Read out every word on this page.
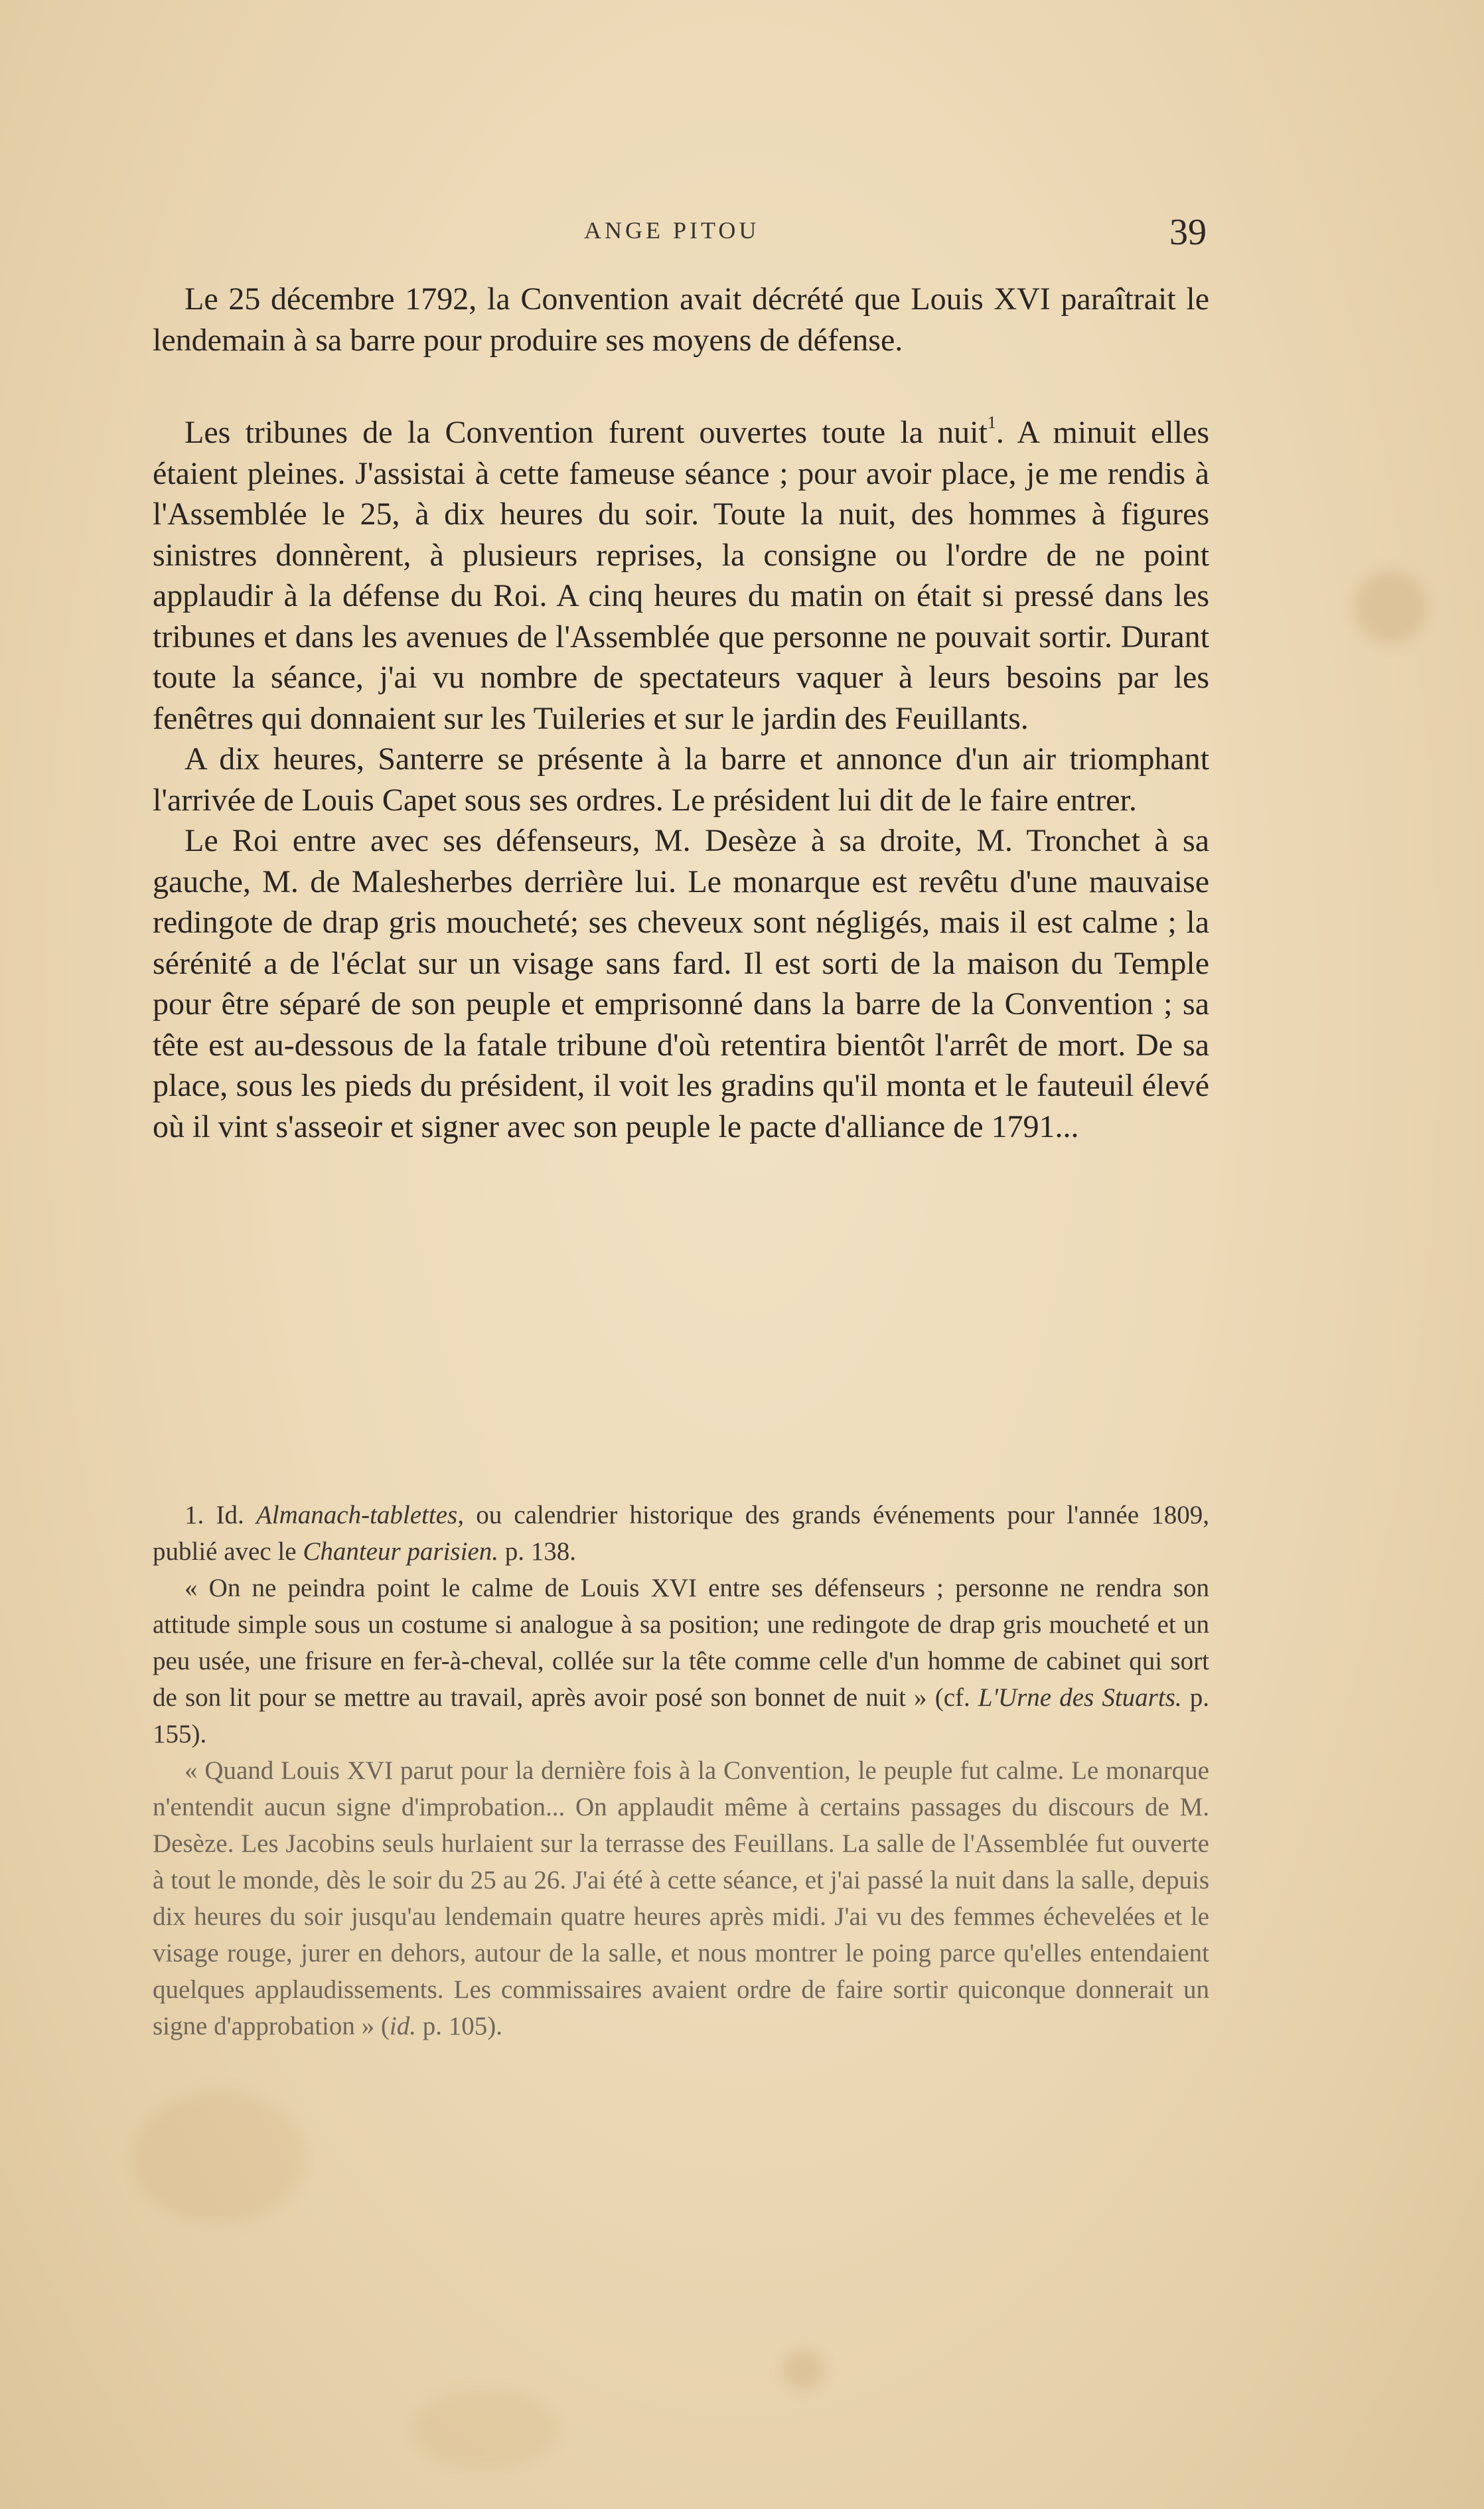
ANGE PITOU	39

Le 25 décembre 1792, la Convention avait décrété que Louis XVI paraîtrait le lendemain à sa barre pour produire ses moyens de défense.

Les tribunes de la Convention furent ouvertes toute la nuit$^1$. A minuit elles étaient pleines. J'assistai à cette fameuse séance ; pour avoir place, je me rendis à l'Assemblée le 25, à dix heures du soir. Toute la nuit, des hommes à figures sinistres donnèrent, à plusieurs reprises, la consigne ou l'ordre de ne point applaudir à la défense du Roi. A cinq heures du matin on était si pressé dans les tribunes et dans les avenues de l'Assemblée que personne ne pouvait sortir. Durant toute la séance, j'ai vu nombre de spectateurs vaquer à leurs besoins par les fenêtres qui donnaient sur les Tuileries et sur le jardin des Feuillants.

A dix heures, Santerre se présente à la barre et annonce d'un air triomphant l'arrivée de Louis Capet sous ses ordres. Le président lui dit de le faire entrer.

Le Roi entre avec ses défenseurs, M. Desèze à sa droite, M. Tronchet à sa gauche, M. de Malesherbes derrière lui. Le monarque est revêtu d'une mauvaise redingote de drap gris moucheté; ses cheveux sont négligés, mais il est calme ; la sérénité a de l'éclat sur un visage sans fard. Il est sorti de la maison du Temple pour être séparé de son peuple et emprisonné dans la barre de la Convention ; sa tête est au-dessous de la fatale tribune d'où retentira bientôt l'arrêt de mort. De sa place, sous les pieds du président, il voit les gradins qu'il monta et le fauteuil élevé où il vint s'asseoir et signer avec son peuple le pacte d'alliance de 1791...

1. Id. Almanach-tablettes, ou calendrier historique des grands événements pour l'année 1809, publié avec le Chanteur parisien. p. 138.

« On ne peindra point le calme de Louis XVI entre ses défenseurs ; personne ne rendra son attitude simple sous un costume si analogue à sa position; une redingote de drap gris moucheté et un peu usée, une frisure en fer-à-cheval, collée sur la tête comme celle d'un homme de cabinet qui sort de son lit pour se mettre au travail, après avoir posé son bonnet de nuit » (cf. L'Urne des Stuarts. p. 155).

« Quand Louis XVI parut pour la dernière fois à la Convention, le peuple fut calme. Le monarque n'entendit aucun signe d'improbation... On applaudit même à certains passages du discours de M. Desèze. Les Jacobins seuls hurlaient sur la terrasse des Feuillans. La salle de l'Assemblée fut ouverte à tout le monde, dès le soir du 25 au 26. J'ai été à cette séance, et j'ai passé la nuit dans la salle, depuis dix heures du soir jusqu'au lendemain quatre heures après midi. J'ai vu des femmes échevelées et le visage rouge, jurer en dehors, autour de la salle, et nous montrer le poing parce qu'elles entendaient quelques applaudissements. Les commissaires avaient ordre de faire sortir quiconque donnerait un signe d'approbation » (id. p. 105).
